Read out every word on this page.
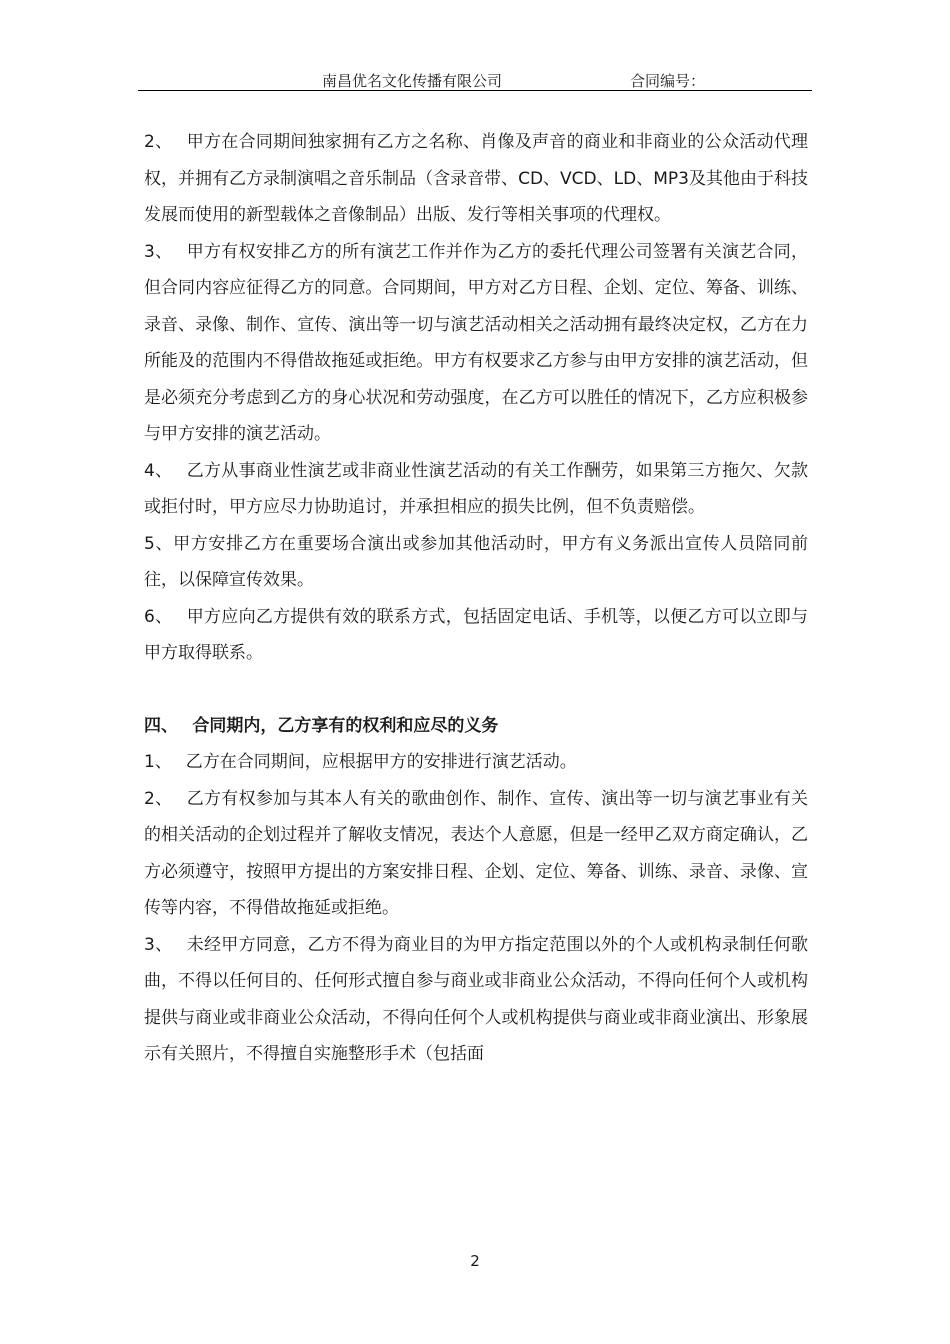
南昌优名文化传播有限公司	合同编号：

2、　 甲方在合同期间独家拥有乙方之名称、肖像及声音的商业和非商业的公众活动代理权，并拥有乙方录制演唱之音乐制品（含录音带、CD、VCD、LD、MP3及其他由于科技发展而使用的新型载体之音像制品）出版、发行等相关事项的代理权。

3、　 甲方有权安排乙方的所有演艺工作并作为乙方的委托代理公司签署有关演艺合同，但合同内容应征得乙方的同意。合同期间，甲方对乙方日程、企划、定位、筹备、训练、录音、录像、制作、宣传、演出等一切与演艺活动相关之活动拥有最终决定权，乙方在力所能及的范围内不得借故拖延或拒绝。甲方有权要求乙方参与由甲方安排的演艺活动，但是必须充分考虑到乙方的身心状况和劳动强度，在乙方可以胜任的情况下，乙方应积极参与甲方安排的演艺活动。

4、　 乙方从事商业性演艺或非商业性演艺活动的有关工作酬劳，如果第三方拖欠、欠款或拒付时，甲方应尽力协助追讨，并承担相应的损失比例，但不负责赔偿。

5、甲方安排乙方在重要场合演出或参加其他活动时，甲方有义务派出宣传人员陪同前往，以保障宣传效果。

6、　 甲方应向乙方提供有效的联系方式，包括固定电话、手机等，以便乙方可以立即与甲方取得联系。

四、　 合同期内，乙方享有的权利和应尽的义务

1、　 乙方在合同期间，应根据甲方的安排进行演艺活动。

2、　 乙方有权参加与其本人有关的歌曲创作、制作、宣传、演出等一切与演艺事业有关的相关活动的企划过程并了解收支情况，表达个人意愿，但是一经甲乙双方商定确认，乙方必须遵守，按照甲方提出的方案安排日程、企划、定位、筹备、训练、录音、录像、宣传等内容，不得借故拖延或拒绝。

3、　 未经甲方同意，乙方不得为商业目的为甲方指定范围以外的个人或机构录制任何歌曲，不得以任何目的、任何形式擅自参与商业或非商业公众活动，不得向任何个人或机构提供与商业或非商业公众活动，不得向任何个人或机构提供与商业或非商业演出、形象展示有关照片，不得擅自实施整形手术（包括面

2
